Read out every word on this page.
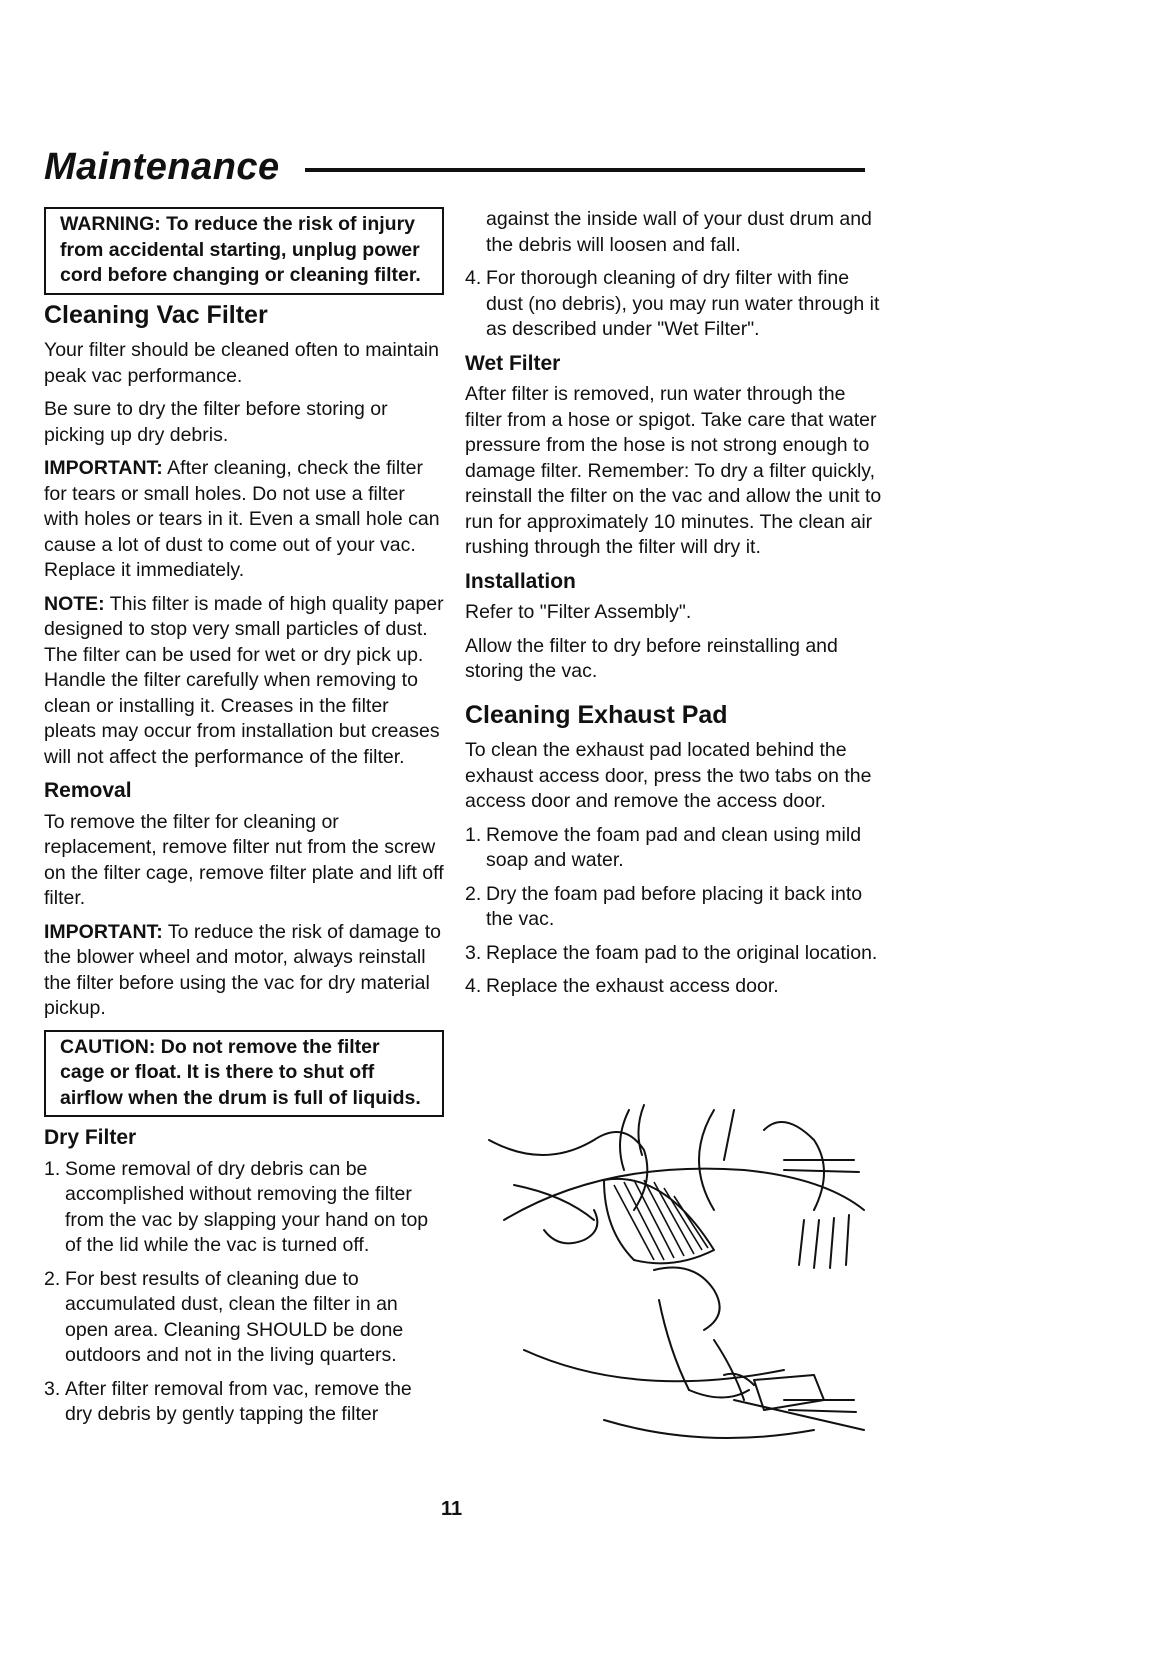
Maintenance
WARNING: To reduce the risk of injury from accidental starting, unplug power cord before changing or cleaning filter.
Cleaning Vac Filter

Your filter should be cleaned often to maintain peak vac performance.

Be sure to dry the filter before storing or picking up dry debris.

IMPORTANT: After cleaning, check the filter for tears or small holes. Do not use a filter with holes or tears in it. Even a small hole can cause a lot of dust to come out of your vac. Replace it immediately.

NOTE: This filter is made of high quality paper designed to stop very small particles of dust. The filter can be used for wet or dry pick up. Handle the filter carefully when removing to clean or installing it. Creases in the filter pleats may occur from installation but creases will not affect the performance of the filter.

Removal

To remove the filter for cleaning or replacement, remove filter nut from the screw on the filter cage, remove filter plate and lift off filter.

IMPORTANT: To reduce the risk of damage to the blower wheel and motor, always reinstall the filter before using the vac for dry material pickup.

CAUTION: Do not remove the filter cage or float. It is there to shut off airflow when the drum is full of liquids.
Dry Filter
1. Some removal of dry debris can be accomplished without removing the filter from the vac by slapping your hand on top of the lid while the vac is turned off.
2. For best results of cleaning due to accumulated dust, clean the filter in an open area. Cleaning SHOULD be done outdoors and not in the living quarters.
3. After filter removal from vac, remove the dry debris by gently tapping the filter
against the inside wall of your dust drum and the debris will loosen and fall.
4. For thorough cleaning of dry filter with fine dust (no debris), you may run water through it as described under "Wet Filter".
Wet Filter

After filter is removed, run water through the filter from a hose or spigot. Take care that water pressure from the hose is not strong enough to damage filter. Remember: To dry a filter quickly, reinstall the filter on the vac and allow the unit to run for approximately 10 minutes. The clean air rushing through the filter will dry it.

Installation

Refer to "Filter Assembly".

Allow the filter to dry before reinstalling and storing the vac.

Cleaning Exhaust Pad

To clean the exhaust pad located behind the exhaust access door, press the two tabs on the access door and remove the access door.

1. Remove the foam pad and clean using mild soap and water.
2. Dry the foam pad before placing it back into the vac.
3. Replace the foam pad to the original location.
4. Replace the exhaust access door.
11
